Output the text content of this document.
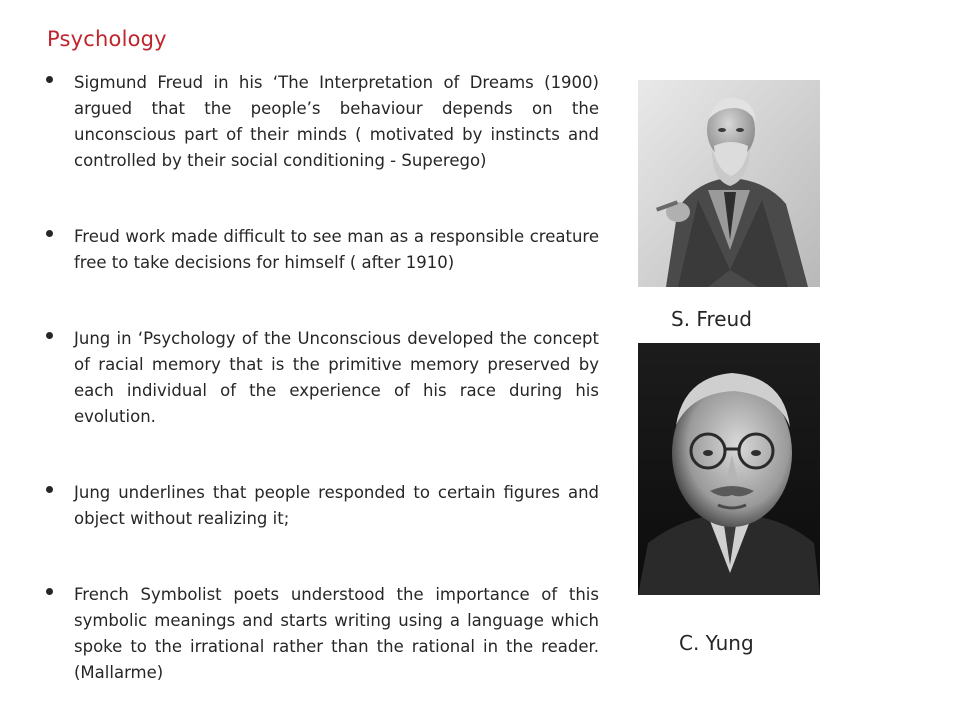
Psychology
Sigmund Freud in his ‘The Interpretation of Dreams (1900) argued that the people’s behaviour depends on the unconscious part of their minds ( motivated by instincts and controlled by their social conditioning - Superego)
Freud work made difficult to see man as a responsible creature free to take decisions for himself ( after 1910)
Jung in ‘Psychology of the Unconscious developed the concept of racial memory that is the primitive memory preserved by each individual of the experience of his race during his evolution.
Jung underlines that people responded to certain figures and object without realizing it;
French Symbolist poets understood the importance of this symbolic meanings and starts writing using a language which spoke to the irrational rather than the rational in the reader. (Mallarme)
S. Freud
C. Yung
